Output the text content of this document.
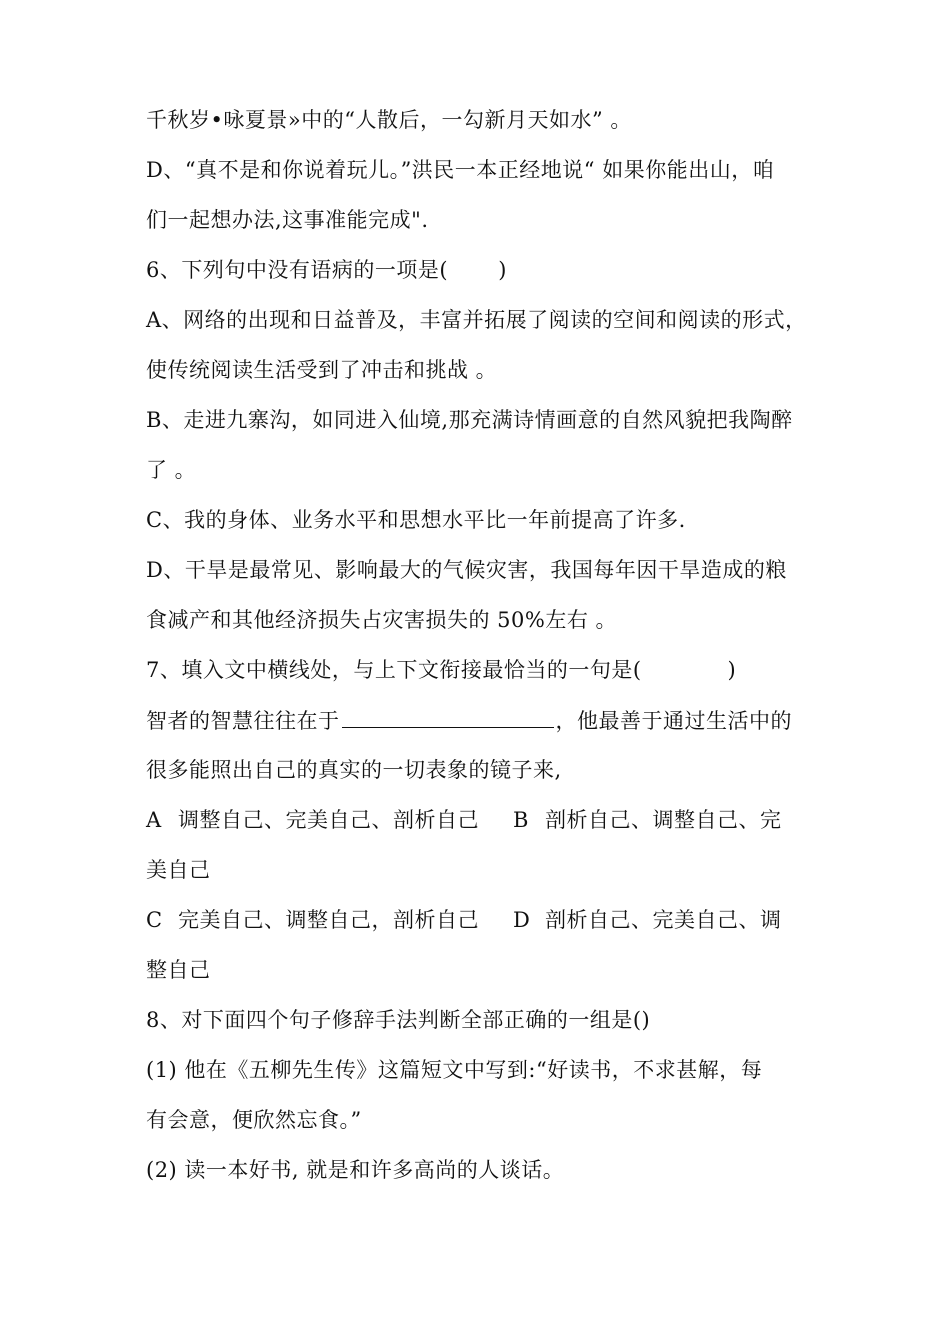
千秋岁•咏夏景»中的“人散后，一勾新月天如水” 。
D、“真不是和你说着玩儿。”洪民一本正经地说“ 如果你能出山，咱
们一起想办法,这事准能完成".
6、下列句中没有语病的一项是(　　 )
A、网络的出现和日益普及，丰富并拓展了阅读的空间和阅读的形式，
使传统阅读生活受到了冲击和挑战 。
B、走进九寨沟，如同进入仙境,那充满诗情画意的自然风貌把我陶醉
了 。
C、我的身体、业务水平和思想水平比一年前提高了许多.
D、干旱是最常见、影响最大的气候灾害，我国每年因干旱造成的粮
食减产和其他经济损失占灾害损失的 50%左右 。
7、填入文中横线处，与上下文衔接最恰当的一句是(　　　　)
智者的智慧往往在于	，他最善于通过生活中的
很多能照出自己的真实的一切表象的镜子来,
A 调整自己、完美自己、剖析自己 B 剖析自己、调整自己、完
美自己
C 完美自己、调整自己，剖析自己 D 剖析自己、完美自己、调
整自己
8、对下面四个句子修辞手法判断全部正确的一组是()
(1) 他在《五柳先生传》这篇短文中写到:“好读书，不求甚解，每
有会意，便欣然忘食。”
(2) 读一本好书, 就是和许多高尚的人谈话。
